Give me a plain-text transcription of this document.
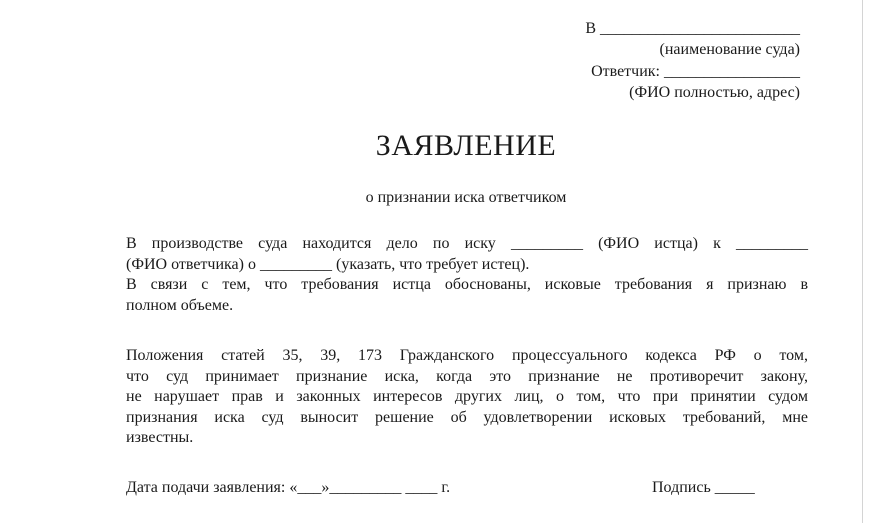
В _________________________
(наименование суда)
Ответчик: _________________
(ФИО полностью, адрес)
ЗАЯВЛЕНИЕ
о признании иска ответчиком
В производстве суда находится дело по иску _________ (ФИО истца) к _________
(ФИО ответчика) о _________ (указать, что требует истец).
В связи с тем, что требования истца обоснованы, исковые требования я признаю в
полном объеме.
Положения статей 35, 39, 173 Гражданского процессуального кодекса РФ о том,
что суд принимает признание иска, когда это признание не противоречит закону,
не нарушает прав и законных интересов других лиц, о том, что при принятии судом
признания иска суд выносит решение об удовлетворении исковых требований, мне
известны.
Дата подачи заявления: «___»_________ ____ г.	Подпись _____
